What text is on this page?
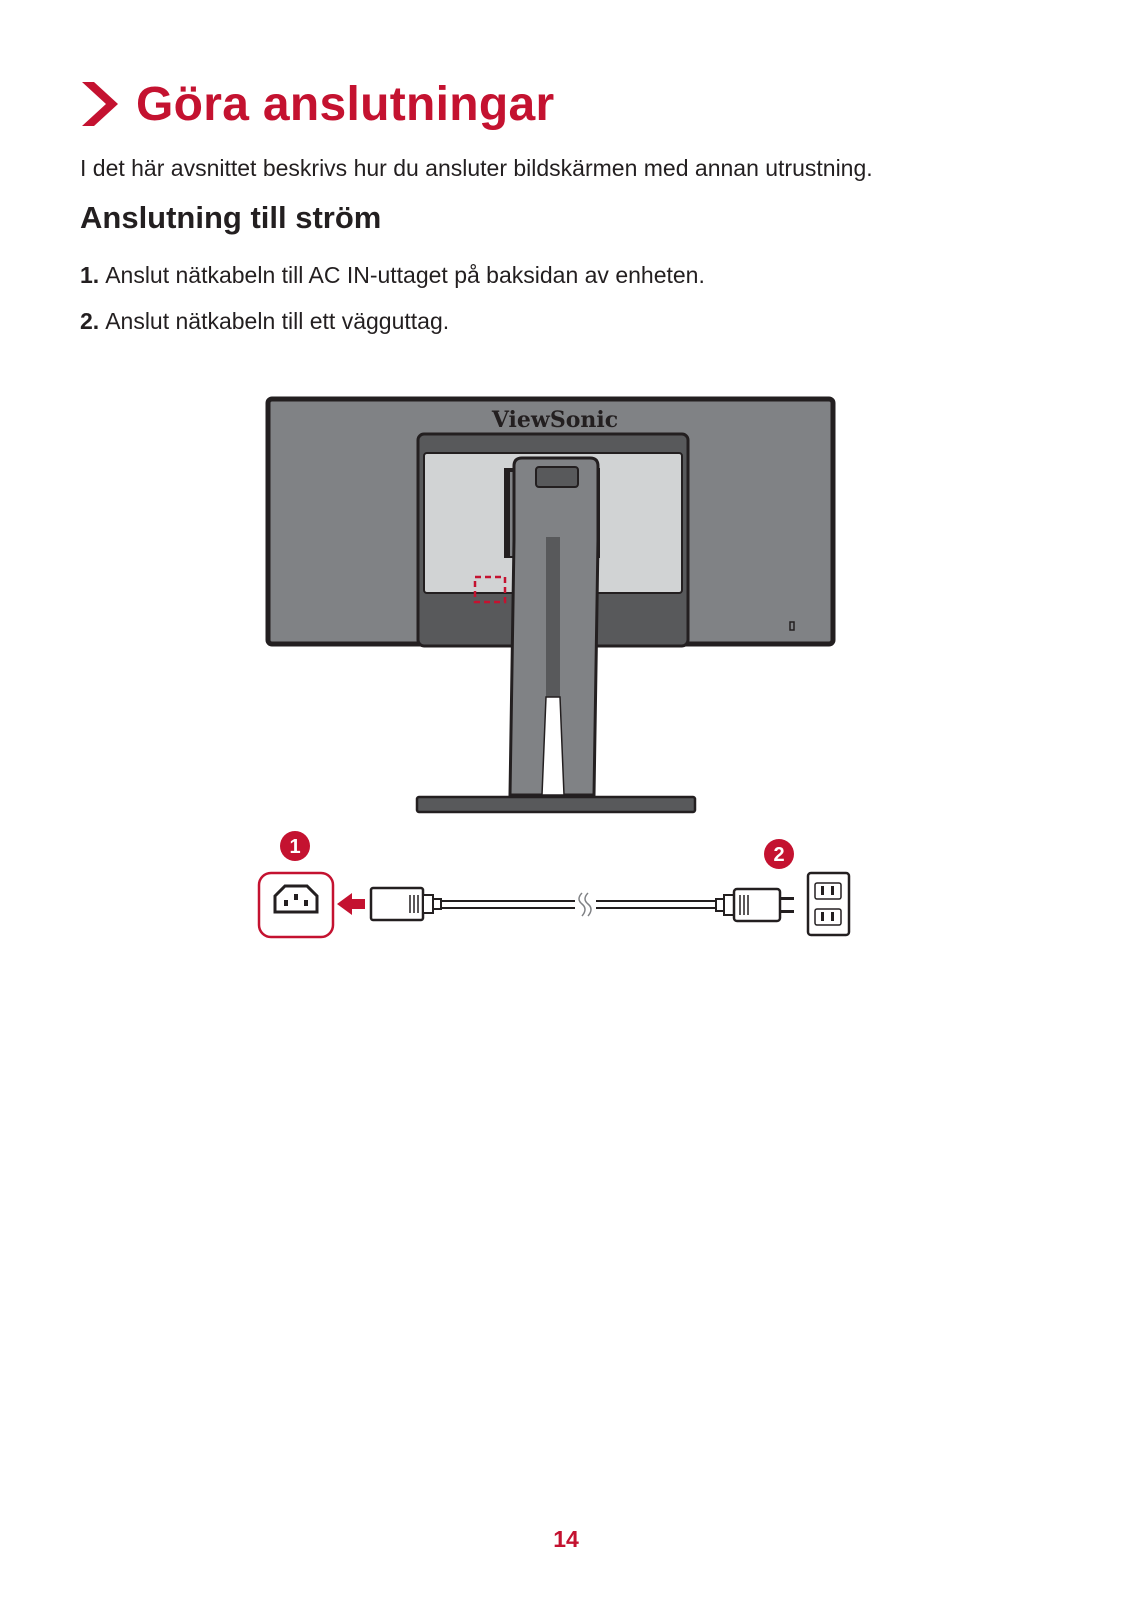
Göra anslutningar
I det här avsnittet beskrivs hur du ansluter bildskärmen med annan utrustning.
Anslutning till ström
1. Anslut nätkabeln till AC IN-uttaget på baksidan av enheten.
2. Anslut nätkabeln till ett vägguttag.
ViewSonic
1	2
14
